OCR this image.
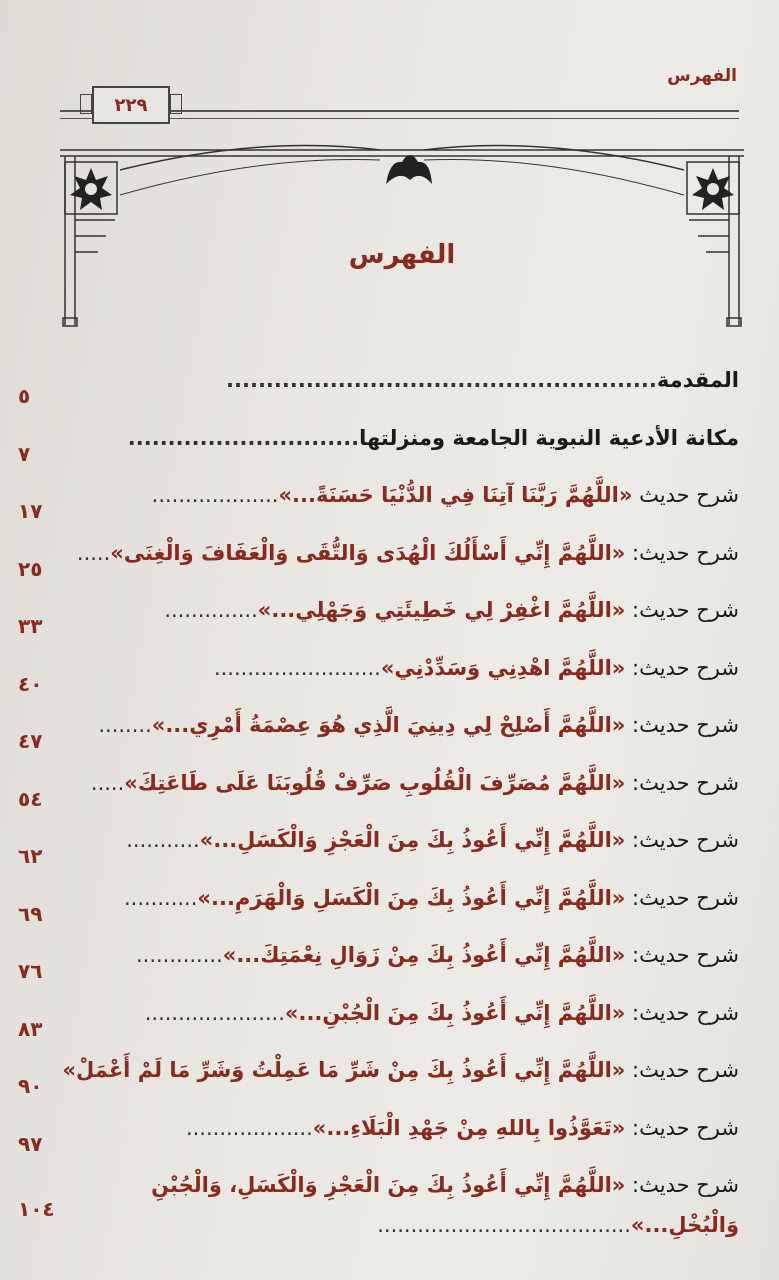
الفهرس
٢٢٩
الفهرس
المقدمة......................................................
٥
مكانة الأدعية النبوية الجامعة ومنزلتها.............................
٧
شرح حديث «اللَّهُمَّ رَبَّنَا آتِنَا فِي الدُّنْيَا حَسَنَةً...»...................
١٧
شرح حديث: «اللَّهُمَّ إِنِّي أَسْأَلُكَ الْهُدَى وَالتُّقَى وَالْعَفَافَ وَالْغِنَى».....
٢٥
شرح حديث: «اللَّهُمَّ اغْفِرْ لِي خَطِيئَتِي وَجَهْلِي...»..............
٣٣
شرح حديث: «اللَّهُمَّ اهْدِنِي وَسَدِّدْنِي».........................
٤٠
شرح حديث: «اللَّهُمَّ أَصْلِحْ لِي دِينِيَ الَّذِي هُوَ عِصْمَةُ أَمْرِي...»........
٤٧
شرح حديث: «اللَّهُمَّ مُصَرِّفَ الْقُلُوبِ صَرِّفْ قُلُوبَنَا عَلَى طَاعَتِكَ».....
٥٤
شرح حديث: «اللَّهُمَّ إِنِّي أَعُوذُ بِكَ مِنَ الْعَجْزِ وَالْكَسَلِ...»...........
٦٢
شرح حديث: «اللَّهُمَّ إِنِّي أَعُوذُ بِكَ مِنَ الْكَسَلِ وَالْهَرَمِ...»...........
٦٩
شرح حديث: «اللَّهُمَّ إِنِّي أَعُوذُ بِكَ مِنْ زَوَالِ نِعْمَتِكَ...».............
٧٦
شرح حديث: «اللَّهُمَّ إِنِّي أَعُوذُ بِكَ مِنَ الْجُبْنِ...».....................
٨٣
شرح حديث: «اللَّهُمَّ إِنِّي أَعُوذُ بِكَ مِنْ شَرِّ مَا عَمِلْتُ وَشَرِّ مَا لَمْ أَعْمَلْ»
٩٠
شرح حديث: «تَعَوَّذُوا بِاللهِ مِنْ جَهْدِ الْبَلَاءِ...»...................
٩٧
شرح حديث: «اللَّهُمَّ إِنِّي أَعُوذُ بِكَ مِنَ الْعَجْزِ وَالْكَسَلِ، وَالْجُبْنِ
وَالْبُخْلِ...»......................................
١٠٤
